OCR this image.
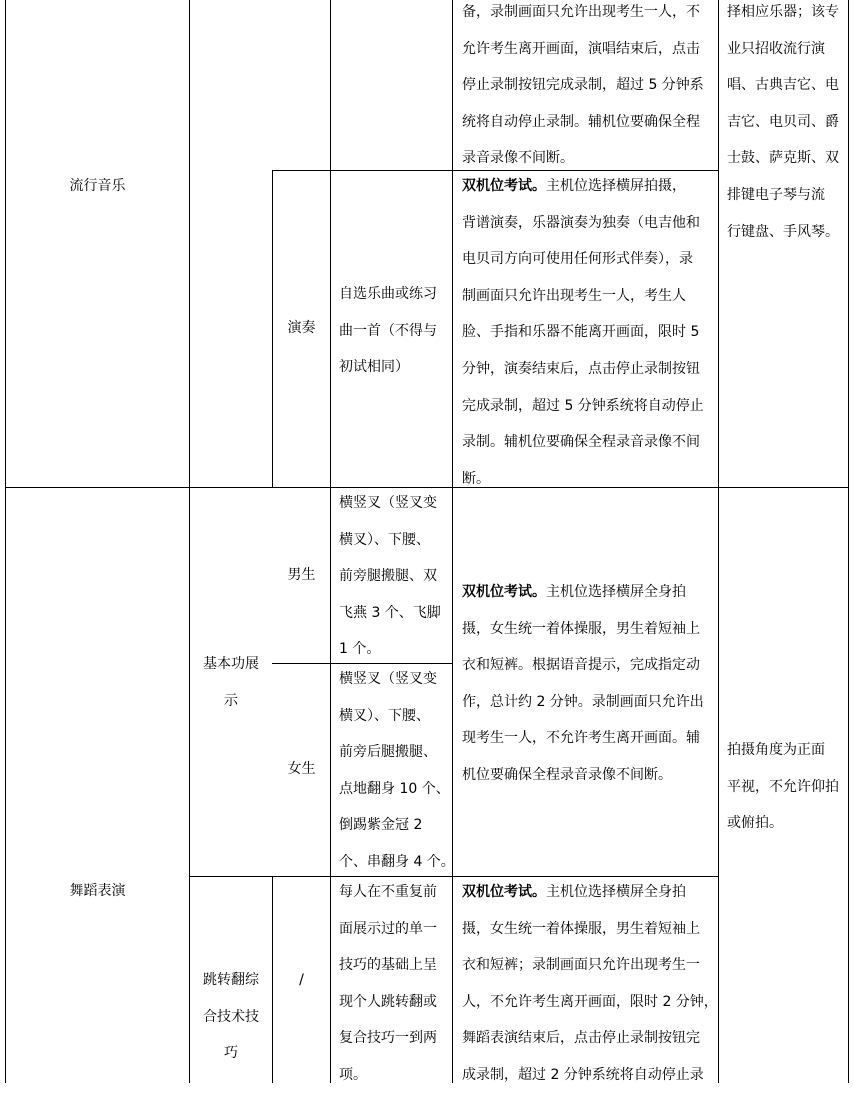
流行音乐
备，录制画面只允许出现考生一人，不
允许考生离开画面，演唱结束后，点击
停止录制按钮完成录制，超过 5 分钟系
统将自动停止录制。辅机位要确保全程
录音录像不间断。
演奏
自选乐曲或练习
曲一首（不得与
初试相同）
双机位考试。主机位选择横屏拍摄，
背谱演奏，乐器演奏为独奏（电吉他和
电贝司方向可使用任何形式伴奏），录
制画面只允许出现考生一人，考生人
脸、手指和乐器不能离开画面，限时 5
分钟，演奏结束后，点击停止录制按钮
完成录制，超过 5 分钟系统将自动停止
录制。辅机位要确保全程录音录像不间
断。
择相应乐器；该专
业只招收流行演
唱、古典吉它、电
吉它、电贝司、爵
士鼓、萨克斯、双
排键电子琴与流
行键盘、手风琴。
舞蹈表演
基本功展
示
男生
女生
横竖叉（竖叉变
横叉）、下腰、
前旁腿搬腿、双
飞燕 3 个、飞脚
1 个。
横竖叉（竖叉变
横叉）、下腰、
前旁后腿搬腿、
点地翻身 10 个、
倒踢紫金冠 2
个、串翻身 4 个。
双机位考试。主机位选择横屏全身拍
摄，女生统一着体操服，男生着短袖上
衣和短裤。根据语音提示，完成指定动
作，总计约 2 分钟。录制画面只允许出
现考生一人，不允许考生离开画面。辅
机位要确保全程录音录像不间断。
拍摄角度为正面
平视，不允许仰拍
或俯拍。
跳转翻综
合技术技
巧
/
每人在不重复前
面展示过的单一
技巧的基础上呈
现个人跳转翻或
复合技巧一到两
项。
双机位考试。主机位选择横屏全身拍
摄，女生统一着体操服，男生着短袖上
衣和短裤；录制画面只允许出现考生一
人，不允许考生离开画面，限时 2 分钟，
舞蹈表演结束后，点击停止录制按钮完
成录制，超过 2 分钟系统将自动停止录
